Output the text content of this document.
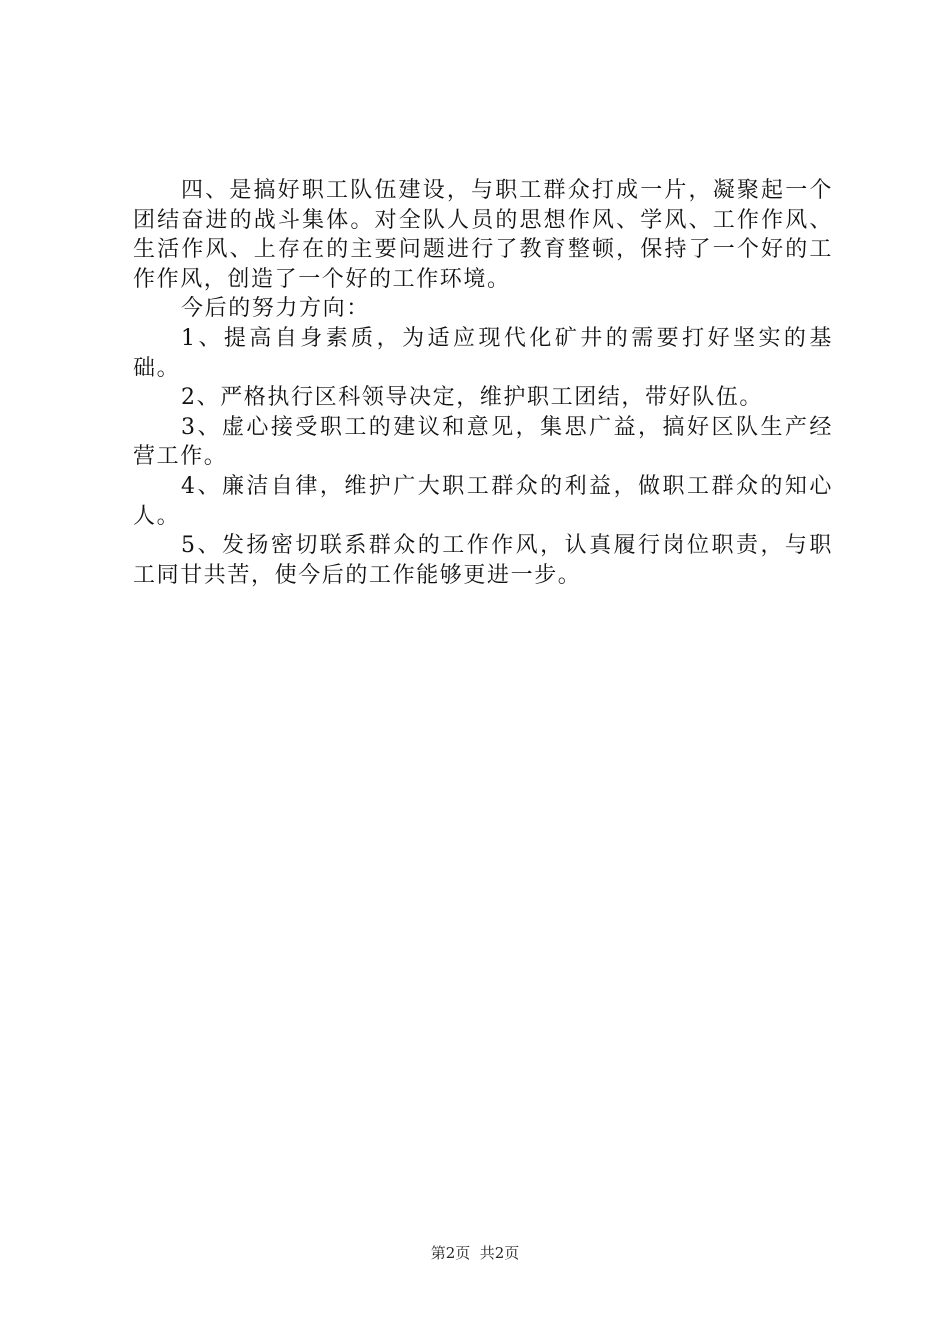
四、是搞好职工队伍建设，与职工群众打成一片，凝聚起一个团结奋进的战斗集体。对全队人员的思想作风、学风、工作作风、生活作风、上存在的主要问题进行了教育整顿，保持了一个好的工作作风，创造了一个好的工作环境。

今后的努力方向：

1、提高自身素质，为适应现代化矿井的需要打好坚实的基础。

2、严格执行区科领导决定，维护职工团结，带好队伍。

3、虚心接受职工的建议和意见，集思广益，搞好区队生产经营工作。

4、廉洁自律，维护广大职工群众的利益，做职工群众的知心人。

5、发扬密切联系群众的工作作风，认真履行岗位职责，与职工同甘共苦，使今后的工作能够更进一步。

第2页  共2页
